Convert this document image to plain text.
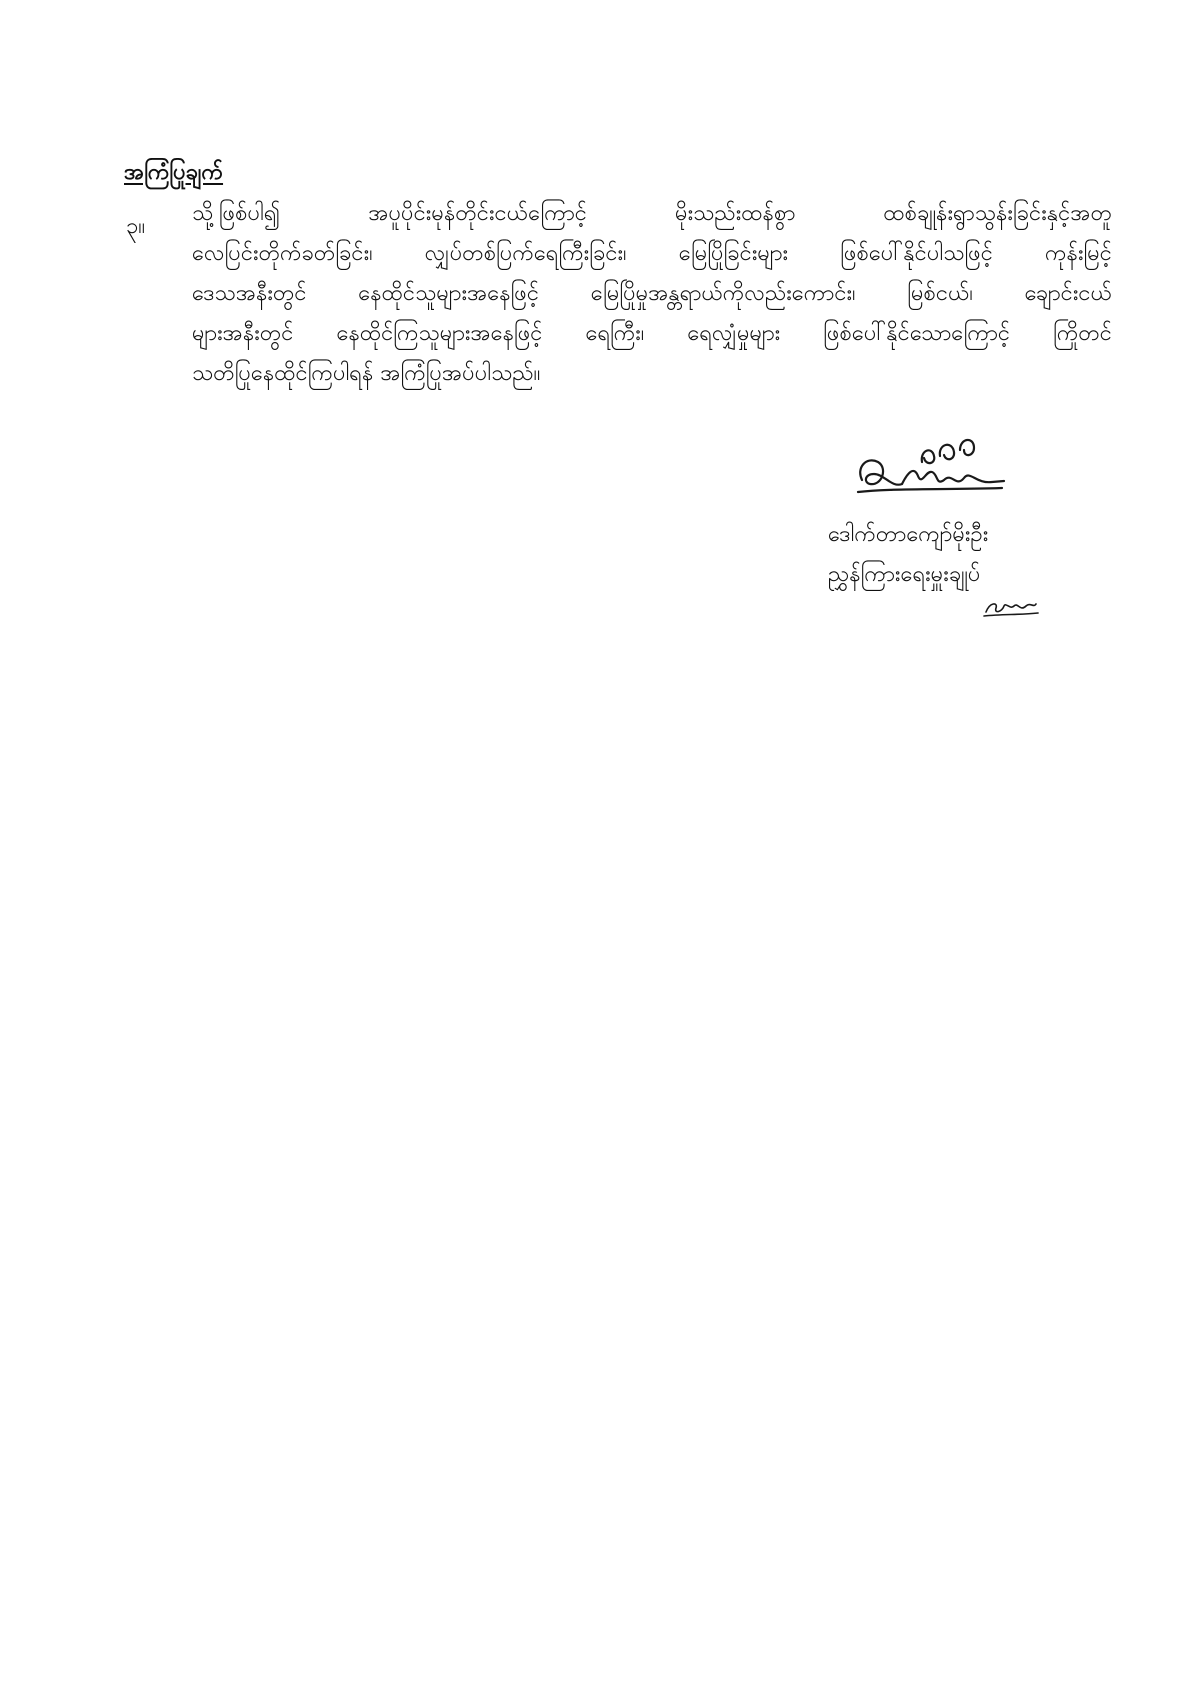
အကြံပြုချက်
၃။
သို့ဖြစ်ပါ၍ အပူပိုင်းမုန်တိုင်းငယ်ကြောင့် မိုးသည်းထန်စွာ ထစ်ချုန်းရွာသွန်းခြင်းနှင့်အတူ
လေပြင်းတိုက်ခတ်ခြင်း၊ လျှပ်တစ်ပြက်ရေကြီးခြင်း၊ မြေပြိုခြင်းများ ဖြစ်ပေါ်နိုင်ပါသဖြင့် ကုန်းမြင့်
ဒေသအနီးတွင် နေထိုင်သူများအနေဖြင့် မြေပြိုမှုအန္တရာယ်ကိုလည်းကောင်း၊ မြစ်ငယ်၊ ချောင်းငယ်
များအနီးတွင် နေထိုင်ကြသူများအနေဖြင့် ရေကြီး၊ ရေလျှံမှုများ ဖြစ်ပေါ်နိုင်သောကြောင့် ကြိုတင်
သတိပြုနေထိုင်ကြပါရန် အကြံပြုအပ်ပါသည်။
ဒေါက်တာကျော်မိုးဦး
ညွှန်ကြားရေးမှူးချုပ်
